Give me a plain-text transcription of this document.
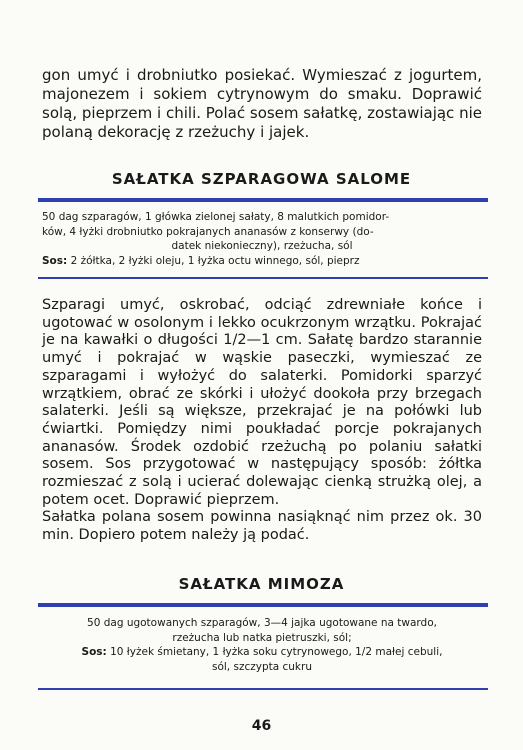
gon umyć i drobniutko posiekać. Wymieszać z jogurtem, majonezem i sokiem cytrynowym do smaku. Doprawić solą, pieprzem i chili. Polać sosem sałatkę, zostawiając nie polaną dekorację z rzeżuchy i jajek.

SAŁATKA SZPARAGOWA SALOME
50 dag szparagów, 1 główka zielonej sałaty, 8 malutkich pomidor-
ków, 4 łyżki drobniutko pokrajanych ananasów z konserwy (do-
datek niekonieczny), rzeżucha, sól
Sos: 2 żółtka, 2 łyżki oleju, 1 łyżka octu winnego, sól, pieprz

Szparagi umyć, oskrobać, odciąć zdrewniałe końce i ugotować w osolonym i lekko ocukrzonym wrzątku. Pokrajać je na kawałki o długości 1/2—1 cm. Sałatę bardzo starannie umyć i pokrajać w wąskie paseczki, wymieszać ze szparagami i wyłożyć do salaterki. Pomidorki sparzyć wrzątkiem, obrać ze skórki i ułożyć dookoła przy brzegach salaterki. Jeśli są większe, przekrajać je na połówki lub ćwiartki. Pomiędzy nimi poukładać porcje pokrajanych ananasów. Środek ozdobić rzeżuchą po polaniu sałatki sosem. Sos przygotować w następujący sposób: żółtka rozmieszać z solą i ucierać dolewając cienką strużką olej, a potem ocet. Doprawić pieprzem.

Sałatka polana sosem powinna nasiąknąć nim przez ok. 30 min. Dopiero potem należy ją podać.

SAŁATKA MIMOZA
50 dag ugotowanych szparagów, 3—4 jajka ugotowane na twardo,
rzeżucha lub natka pietruszki, sól;
Sos: 10 łyżek śmietany, 1 łyżka soku cytrynowego, 1/2 małej cebuli,
sól, szczypta cukru
46
